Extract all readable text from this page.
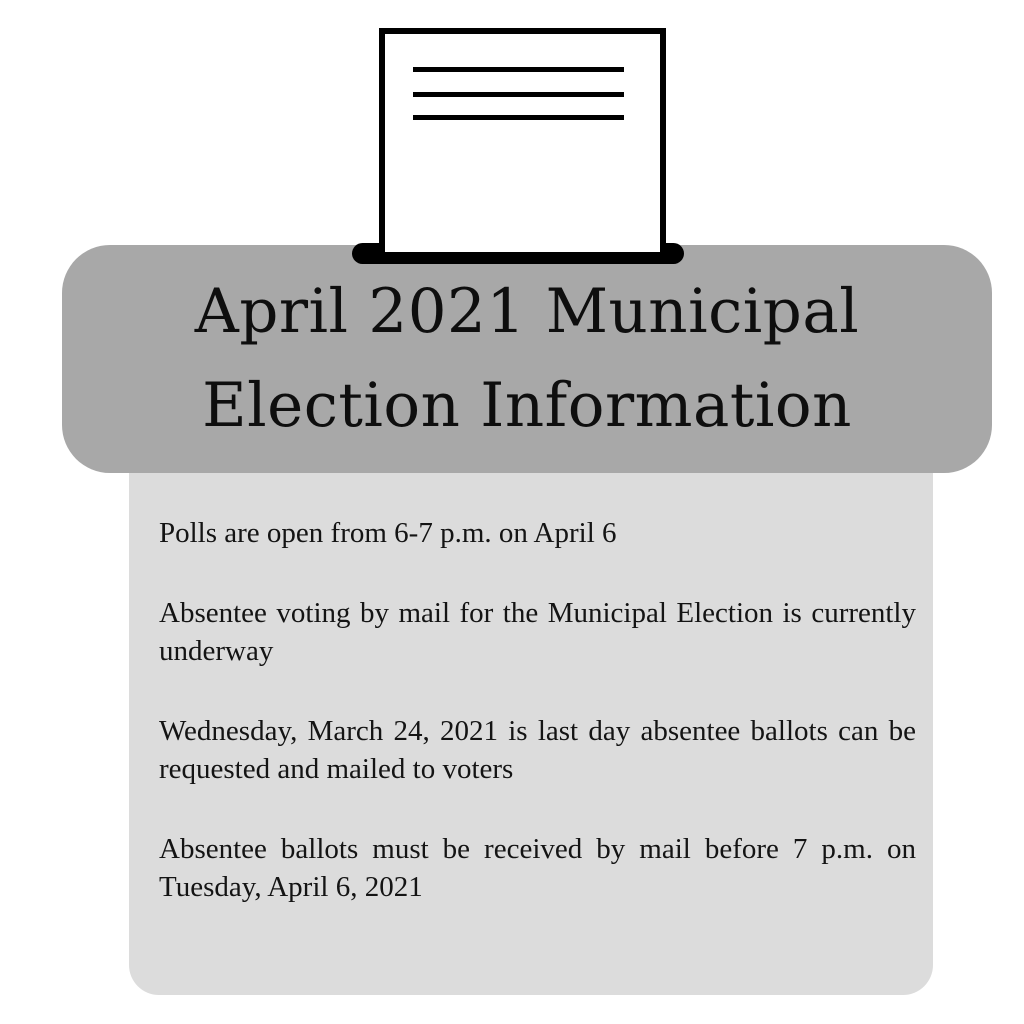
April 2021 Municipal
Election Information

Polls are open from 6-7 p.m. on April 6

Absentee voting by mail for the Municipal Election is currently underway

Wednesday, March 24, 2021 is last day absentee ballots can be requested and mailed to voters

Absentee ballots must be received by mail before 7 p.m. on Tuesday, April 6, 2021
